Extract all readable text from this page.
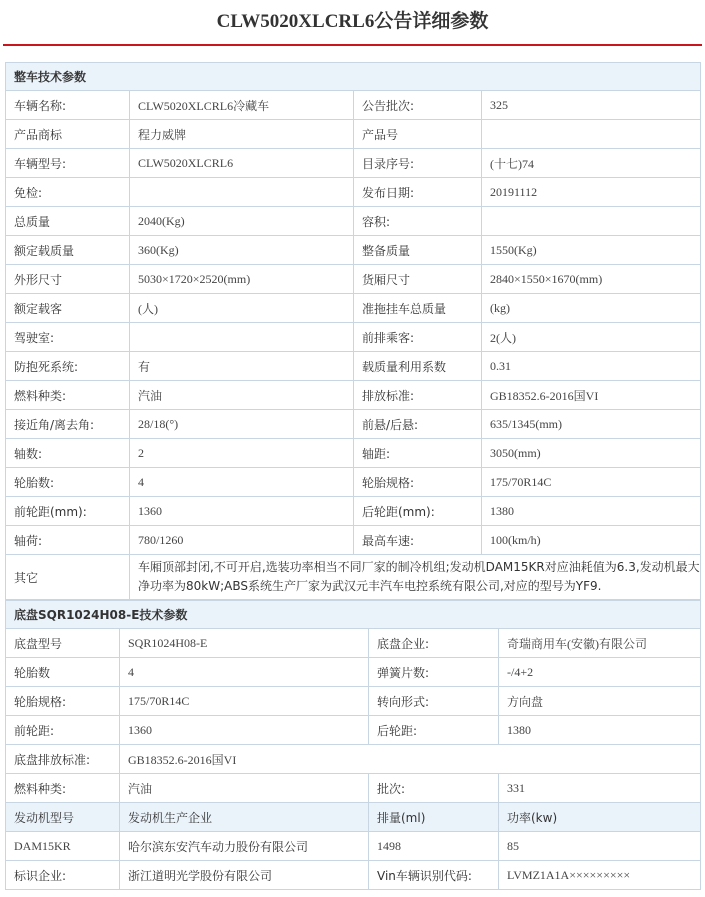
CLW5020XLCRL6公告详细参数
整车技术参数			
车辆名称:	CLW5020XLCRL6冷藏车	公告批次:	325
产品商标	程力威牌	产品号	
车辆型号:	CLW5020XLCRL6	目录序号:	(十七)74
免检:		发布日期:	20191112
总质量	2040(Kg)	容积:	
额定载质量	360(Kg)	整备质量	1550(Kg)
外形尺寸	5030×1720×2520(mm)	货厢尺寸	2840×1550×1670(mm)
额定载客	(人)	准拖挂车总质量	(kg)
驾驶室:		前排乘客:	2(人)
防抱死系统:	有	载质量利用系数	0.31
燃料种类:	汽油	排放标准:	GB18352.6-2016国VI
接近角/离去角:	28/18(°)	前悬/后悬:	635/1345(mm)
轴数:	2	轴距:	3050(mm)
轮胎数:	4	轮胎规格:	175/70R14C
前轮距(mm):	1360	后轮距(mm):	1380
轴荷:	780/1260	最高车速:	100(km/h)
其它	车厢顶部封闭,不可开启,选装功率相当不同厂家的制冷机组;发动机DAM15KR对应油耗值为6.3,发动机最大净功率为80kW;ABS系统生产厂家为武汉元丰汽车电控系统有限公司,对应的型号为YF9.		
底盘SQR1024H08-E技术参数			
底盘型号	SQR1024H08-E	底盘企业:	奇瑞商用车(安徽)有限公司
轮胎数	4	弹簧片数:	-/4+2
轮胎规格:	175/70R14C	转向形式:	方向盘
前轮距:	1360	后轮距:	1380
底盘排放标准:	GB18352.6-2016国VI		
燃料种类:	汽油	批次:	331
发动机型号	发动机生产企业	排量(ml)	功率(kw)
DAM15KR	哈尔滨东安汽车动力股份有限公司	1498	85
标识企业:	浙江道明光学股份有限公司	Vin车辆识别代码:	LVMZ1A1A×××××××××
